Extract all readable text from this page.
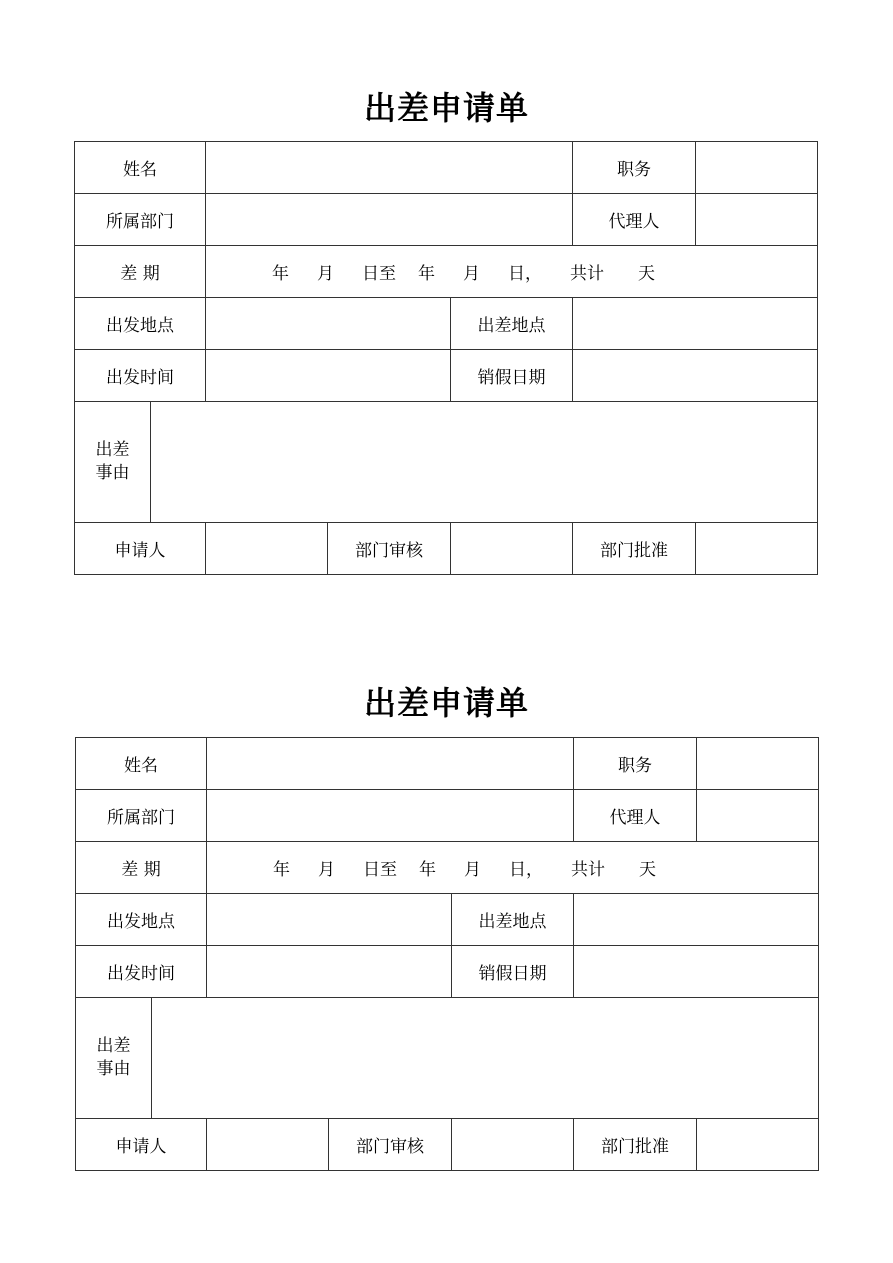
出差申请单
姓名					职务	
所属部门					代理人	
差 期		年 月 日至 年 月 日， 共计 天				
出发地点				出差地点		
出发时间				销假日期		
出差事由						
申请人			部门审核		部门批准	
出差申请单
姓名					职务	
所属部门					代理人	
差 期		年 月 日至 年 月 日， 共计 天				
出发地点				出差地点		
出发时间				销假日期		
出差事由						
申请人			部门审核		部门批准	
